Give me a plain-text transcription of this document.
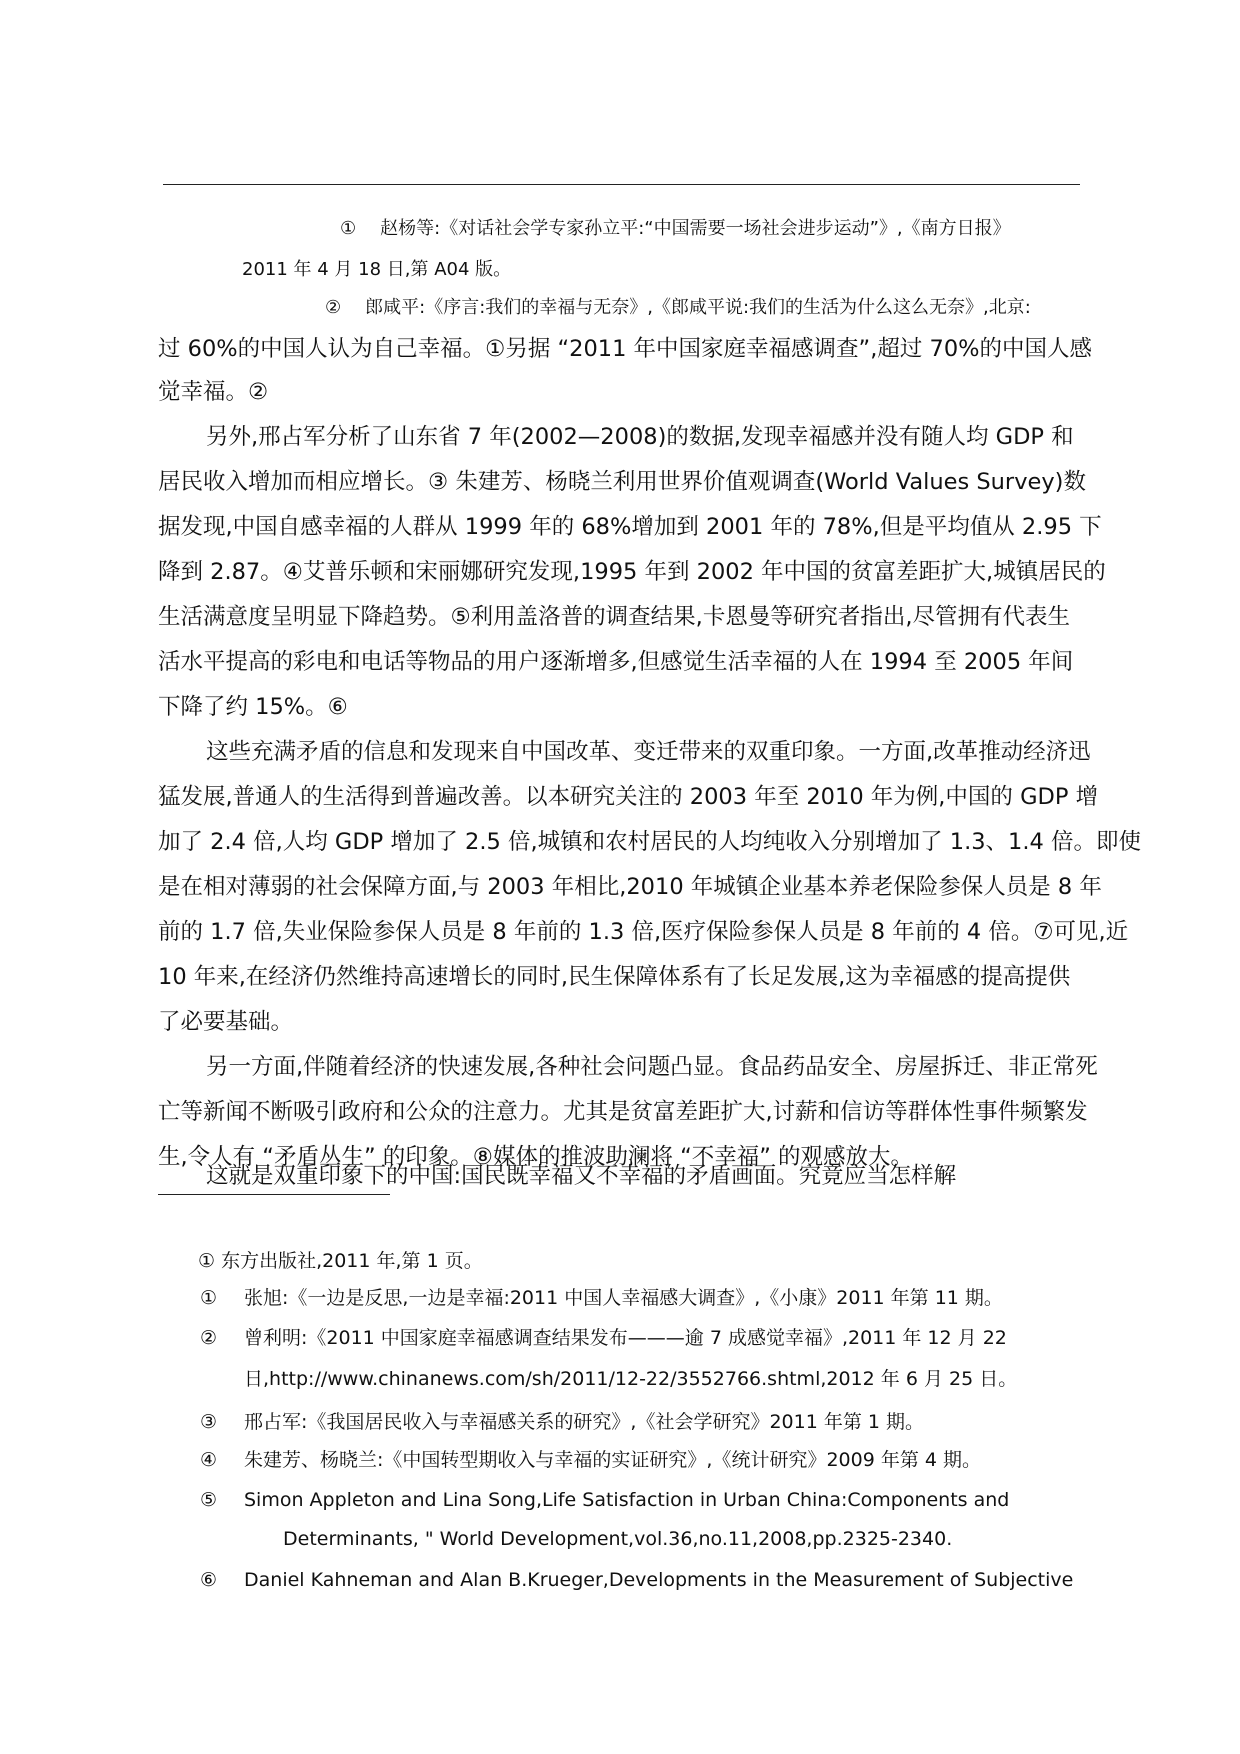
① 赵杨等:《对话社会学专家孙立平:“中国需要一场社会进步运动”》,《南方日报》
2011 年 4 月 18 日,第 A04 版。
② 郎咸平:《序言:我们的幸福与无奈》,《郎咸平说:我们的生活为什么这么无奈》,北京:
过 60%的中国人认为自己幸福。①另据 “2011 年中国家庭幸福感调查”,超过 70%的中国人感
觉幸福。②
另外,邢占军分析了山东省 7 年(2002—2008)的数据,发现幸福感并没有随人均 GDP 和
居民收入增加而相应增长。③ 朱建芳、杨晓兰利用世界价值观调查(World Values Survey)数
据发现,中国自感幸福的人群从 1999 年的 68%增加到 2001 年的 78%,但是平均值从 2.95 下
降到 2.87。④艾普乐顿和宋丽娜研究发现,1995 年到 2002 年中国的贫富差距扩大,城镇居民的
生活满意度呈明显下降趋势。⑤利用盖洛普的调查结果,卡恩曼等研究者指出,尽管拥有代表生
活水平提高的彩电和电话等物品的用户逐渐增多,但感觉生活幸福的人在 1994 至 2005 年间
下降了约 15%。⑥
这些充满矛盾的信息和发现来自中国改革、变迁带来的双重印象。一方面,改革推动经济迅
猛发展,普通人的生活得到普遍改善。以本研究关注的 2003 年至 2010 年为例,中国的 GDP 增
加了 2.4 倍,人均 GDP 增加了 2.5 倍,城镇和农村居民的人均纯收入分别增加了 1.3、1.4 倍。即使
是在相对薄弱的社会保障方面,与 2003 年相比,2010 年城镇企业基本养老保险参保人员是 8 年
前的 1.7 倍,失业保险参保人员是 8 年前的 1.3 倍,医疗保险参保人员是 8 年前的 4 倍。⑦可见,近
10 年来,在经济仍然维持高速增长的同时,民生保障体系有了长足发展,这为幸福感的提高提供
了必要基础。
另一方面,伴随着经济的快速发展,各种社会问题凸显。食品药品安全、房屋拆迁、非正常死
亡等新闻不断吸引政府和公众的注意力。尤其是贫富差距扩大,讨薪和信访等群体性事件频繁发
生,令人有 “矛盾丛生” 的印象。⑧媒体的推波助澜将 “不幸福” 的观感放大。
这就是双重印象下的中国:国民既幸福又不幸福的矛盾画面。究竟应当怎样解
① 东方出版社,2011 年,第 1 页。
① 张旭:《一边是反思,一边是幸福:2011 中国人幸福感大调查》,《小康》2011 年第 11 期。
② 曾利明:《2011 中国家庭幸福感调查结果发布———逾 7 成感觉幸福》,2011 年 12 月 22
日,http://www.chinanews.com/sh/2011/12-22/3552766.shtml,2012 年 6 月 25 日。
③ 邢占军:《我国居民收入与幸福感关系的研究》,《社会学研究》2011 年第 1 期。
④ 朱建芳、杨晓兰:《中国转型期收入与幸福的实证研究》,《统计研究》2009 年第 4 期。
⑤ Simon Appleton and Lina Song,Life Satisfaction in Urban China:Components and
Determinants, " World Development,vol.36,no.11,2008,pp.2325-2340.
⑥ Daniel Kahneman and Alan B.Krueger,Developments in the Measurement of Subjective
